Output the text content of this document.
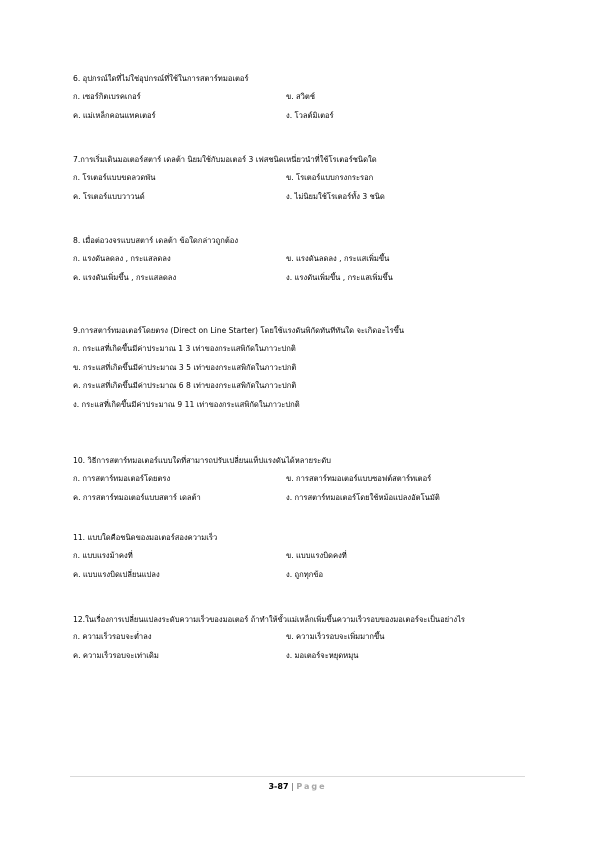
6. อุปกรณ์ใดที่ไม่ใช่อุปกรณ์ที่ใช้ในการสตาร์ทมอเตอร์
ก. เซอร์กิตเบรคเกอร์	ข. สวิตช์
ค. แม่เหล็กคอนแทคเตอร์	ง. โวลต์มิเตอร์
7.การเริ่มเดินมอเตอร์สตาร์ เดลต้า นิยมใช้กับมอเตอร์ 3 เฟสชนิดเหนี่ยวนำที่ใช้โรเตอร์ชนิดใด
ก. โรเตอร์แบบขดลวดพัน	ข. โรเตอร์แบบกรงกระรอก
ค. โรเตอร์แบบวาวนด์	ง. ไม่นิยมใช้โรเตอร์ทั้ง 3 ชนิด
8. เมื่อต่อวงจรแบบสตาร์ เดลต้า ข้อใดกล่าวถูกต้อง
ก. แรงดันลดลง , กระแสลดลง	ข. แรงดันลดลง , กระแสเพิ่มขึ้น
ค. แรงดันเพิ่มขึ้น , กระแสลดลง	ง. แรงดันเพิ่มขึ้น , กระแสเพิ่มขึ้น
9.การสตาร์ทมอเตอร์โดยตรง (Direct on Line Starter) โดยใช้แรงดันพิกัดทันทีทันใด จะเกิดอะไรขึ้น
ก. กระแสที่เกิดขึ้นมีค่าประมาณ 1 3 เท่าของกระแสพิกัดในภาวะปกติ
ข. กระแสที่เกิดขึ้นมีค่าประมาณ 3 5 เท่าของกระแสพิกัดในภาวะปกติ
ค. กระแสที่เกิดขึ้นมีค่าประมาณ 6 8 เท่าของกระแสพิกัดในภาวะปกติ
ง. กระแสที่เกิดขึ้นมีค่าประมาณ 9 11 เท่าของกระแสพิกัดในภาวะปกติ
10. วิธีการสตาร์ทมอเตอร์แบบใดที่สามารถปรับเปลี่ยนแท็ปแรงดันได้หลายระดับ
ก. การสตาร์ทมอเตอร์โดยตรง	ข. การสตาร์ทมอเตอร์แบบซอฟต์สตาร์ทเตอร์
ค. การสตาร์ทมอเตอร์แบบสตาร์ เดลต้า	ง. การสตาร์ทมอเตอร์โดยใช้หม้อแปลงอัตโนมัติ
11. แบบใดคือชนิดของมอเตอร์สองความเร็ว
ก. แบบแรงม้าคงที่	ข. แบบแรงบิดคงที่
ค. แบบแรงบิดเปลี่ยนแปลง	ง. ถูกทุกข้อ
12.ในเรื่องการเปลี่ยนแปลงระดับความเร็วของมอเตอร์ ถ้าทำให้ขั้วแม่เหล็กเพิ่มขึ้นความเร็วรอบของมอเตอร์จะเป็นอย่างไร
ก. ความเร็วรอบจะต่ำลง	ข. ความเร็วรอบจะเพิ่มมากขึ้น
ค. ความเร็วรอบจะเท่าเดิม	ง. มอเตอร์จะหยุดหมุน
3-87 | Page
